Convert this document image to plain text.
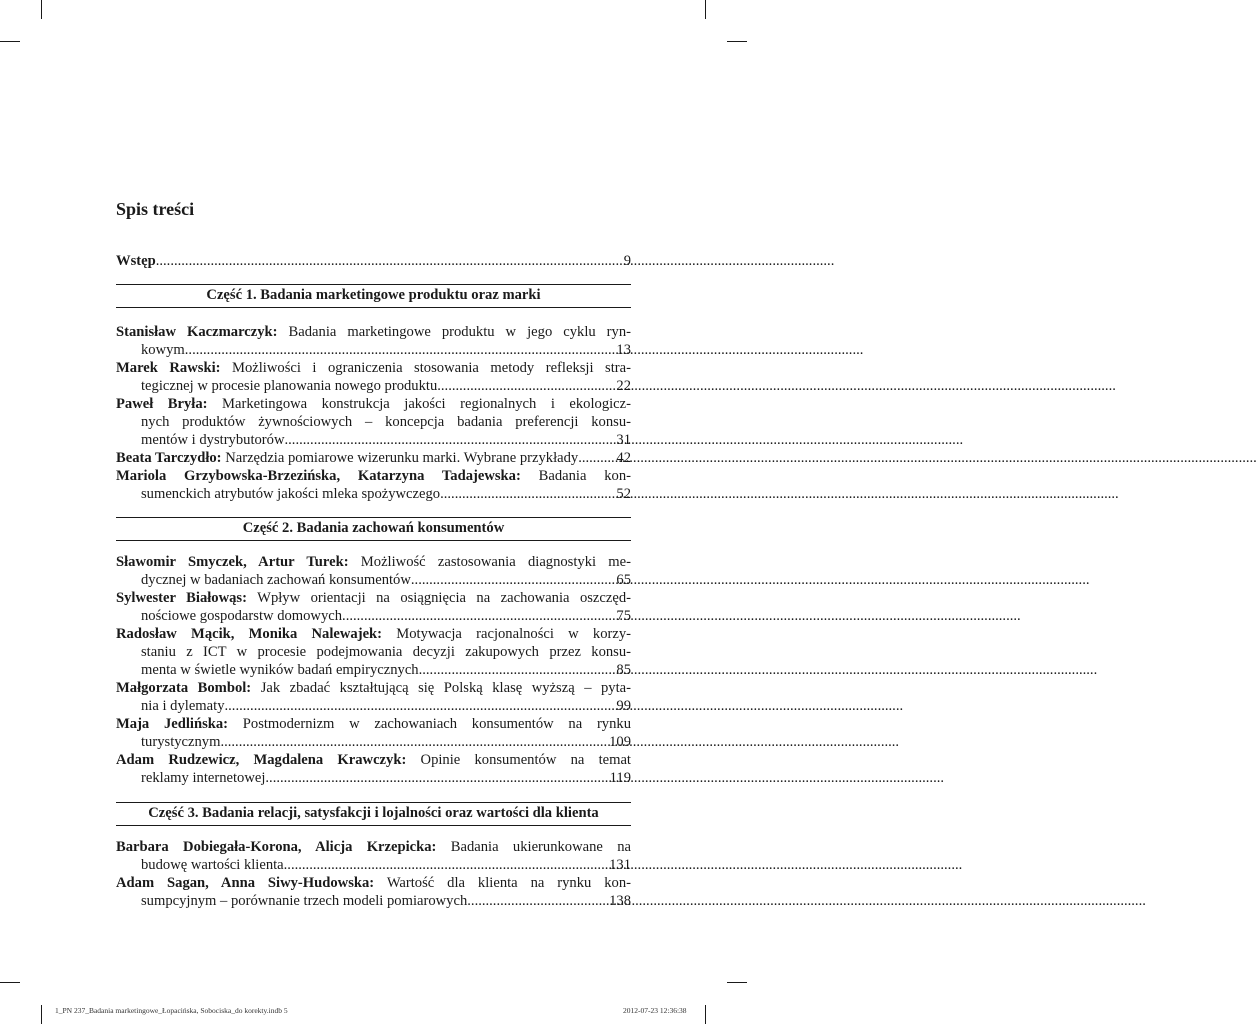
Spis treści
Wstęp .....	9
Część 1. Badania marketingowe produktu oraz marki
Stanisław Kaczmarczyk: Badania marketingowe produktu w jego cyklu ryn-
kowym .....	13
Marek Rawski: Możliwości i ograniczenia stosowania metody refleksji stra-
tegicznej w procesie planowania nowego produktu .....	22
Paweł Bryła: Marketingowa konstrukcja jakości regionalnych i ekologicz-
nych produktów żywnościowych – koncepcja badania preferencji konsu-
mentów i dystrybutorów .....	31
Beata Tarczydło: Narzędzia pomiarowe wizerunku marki. Wybrane przykłady .....	42
Mariola Grzybowska-Brzezińska, Katarzyna Tadajewska: Badania kon-
sumenckich atrybutów jakości mleka spożywczego .....	52
Część 2. Badania zachowań konsumentów
Sławomir Smyczek, Artur Turek: Możliwość zastosowania diagnostyki me-
dycznej w badaniach zachowań konsumentów .....	65
Sylwester Białowąs: Wpływ orientacji na osiągnięcia na zachowania oszczęd-
nościowe gospodarstw domowych .....	75
Radosław Mącik, Monika Nalewajek: Motywacja racjonalności w korzy-
staniu z ICT w procesie podejmowania decyzji zakupowych przez konsu-
menta w świetle wyników badań empirycznych .....	85
Małgorzata Bombol: Jak zbadać kształtującą się Polską klasę wyższą – pyta-
nia i dylematy .....	99
Maja Jedlińska: Postmodernizm w zachowaniach konsumentów na rynku
turystycznym .....	109
Adam Rudzewicz, Magdalena Krawczyk: Opinie konsumentów na temat
reklamy internetowej .....	119
Część 3. Badania relacji, satysfakcji i lojalności oraz wartości dla klienta
Barbara Dobiegała-Korona, Alicja Krzepicka: Badania ukierunkowane na
budowę wartości klienta .....	131
Adam Sagan, Anna Siwy-Hudowska: Wartość dla klienta na rynku kon-
sumpcyjnym – porównanie trzech modeli pomiarowych .....	138
1_PN 237_Badania marketingowe_Łopacińska, Sobociska_do korekty.indb 5	2012-07-23 12:36:38
